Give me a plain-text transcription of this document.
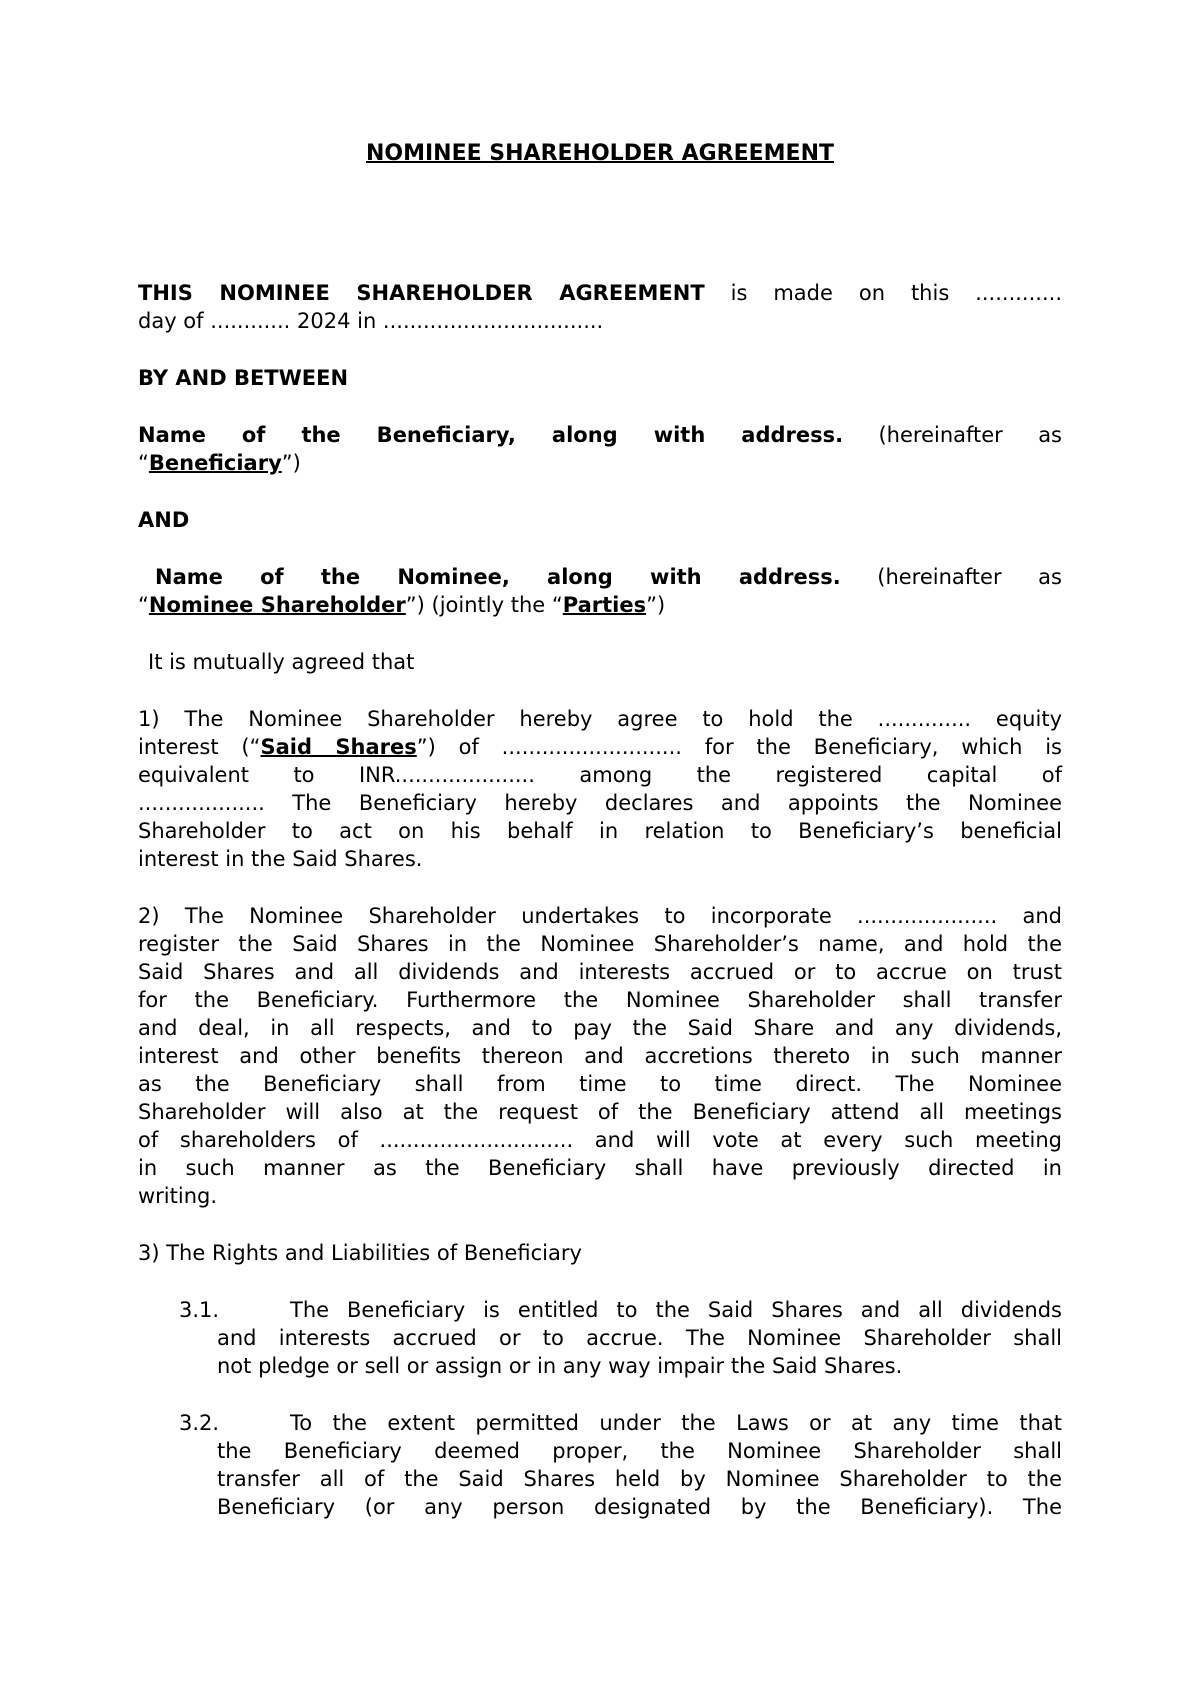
NOMINEE SHAREHOLDER AGREEMENT
THIS NOMINEE SHAREHOLDER AGREEMENT is made on this .............
day of ............ 2024 in .................................
BY AND BETWEEN
Name of the Beneficiary, along with address. (hereinafter as
“Beneficiary”)
AND
Name of the Nominee, along with address. (hereinafter as
“Nominee Shareholder”) (jointly the “Parties”)
It is mutually agreed that
1) The Nominee Shareholder hereby agree to hold the .............. equity
interest (“Said Shares”) of ........................... for the Beneficiary, which is
equivalent to INR..................... among the registered capital of
................... The Beneficiary hereby declares and appoints the Nominee
Shareholder to act on his behalf in relation to Beneficiary’s beneficial
interest in the Said Shares.
2) The Nominee Shareholder undertakes to incorporate ..................... and
register the Said Shares in the Nominee Shareholder’s name, and hold the
Said Shares and all dividends and interests accrued or to accrue on trust
for the Beneficiary. Furthermore the Nominee Shareholder shall transfer
and deal, in all respects, and to pay the Said Share and any dividends,
interest and other benefits thereon and accretions thereto in such manner
as the Beneficiary shall from time to time direct. The Nominee
Shareholder will also at the request of the Beneficiary attend all meetings
of shareholders of ............................. and will vote at every such meeting
in such manner as the Beneficiary shall have previously directed in
writing.
3) The Rights and Liabilities of Beneficiary
3.1.	The Beneficiary is entitled to the Said Shares and all dividends
and interests accrued or to accrue. The Nominee Shareholder shall
not pledge or sell or assign or in any way impair the Said Shares.
3.2.	To the extent permitted under the Laws or at any time that
the Beneficiary deemed proper, the Nominee Shareholder shall
transfer all of the Said Shares held by Nominee Shareholder to the
Beneficiary (or any person designated by the Beneficiary). The
